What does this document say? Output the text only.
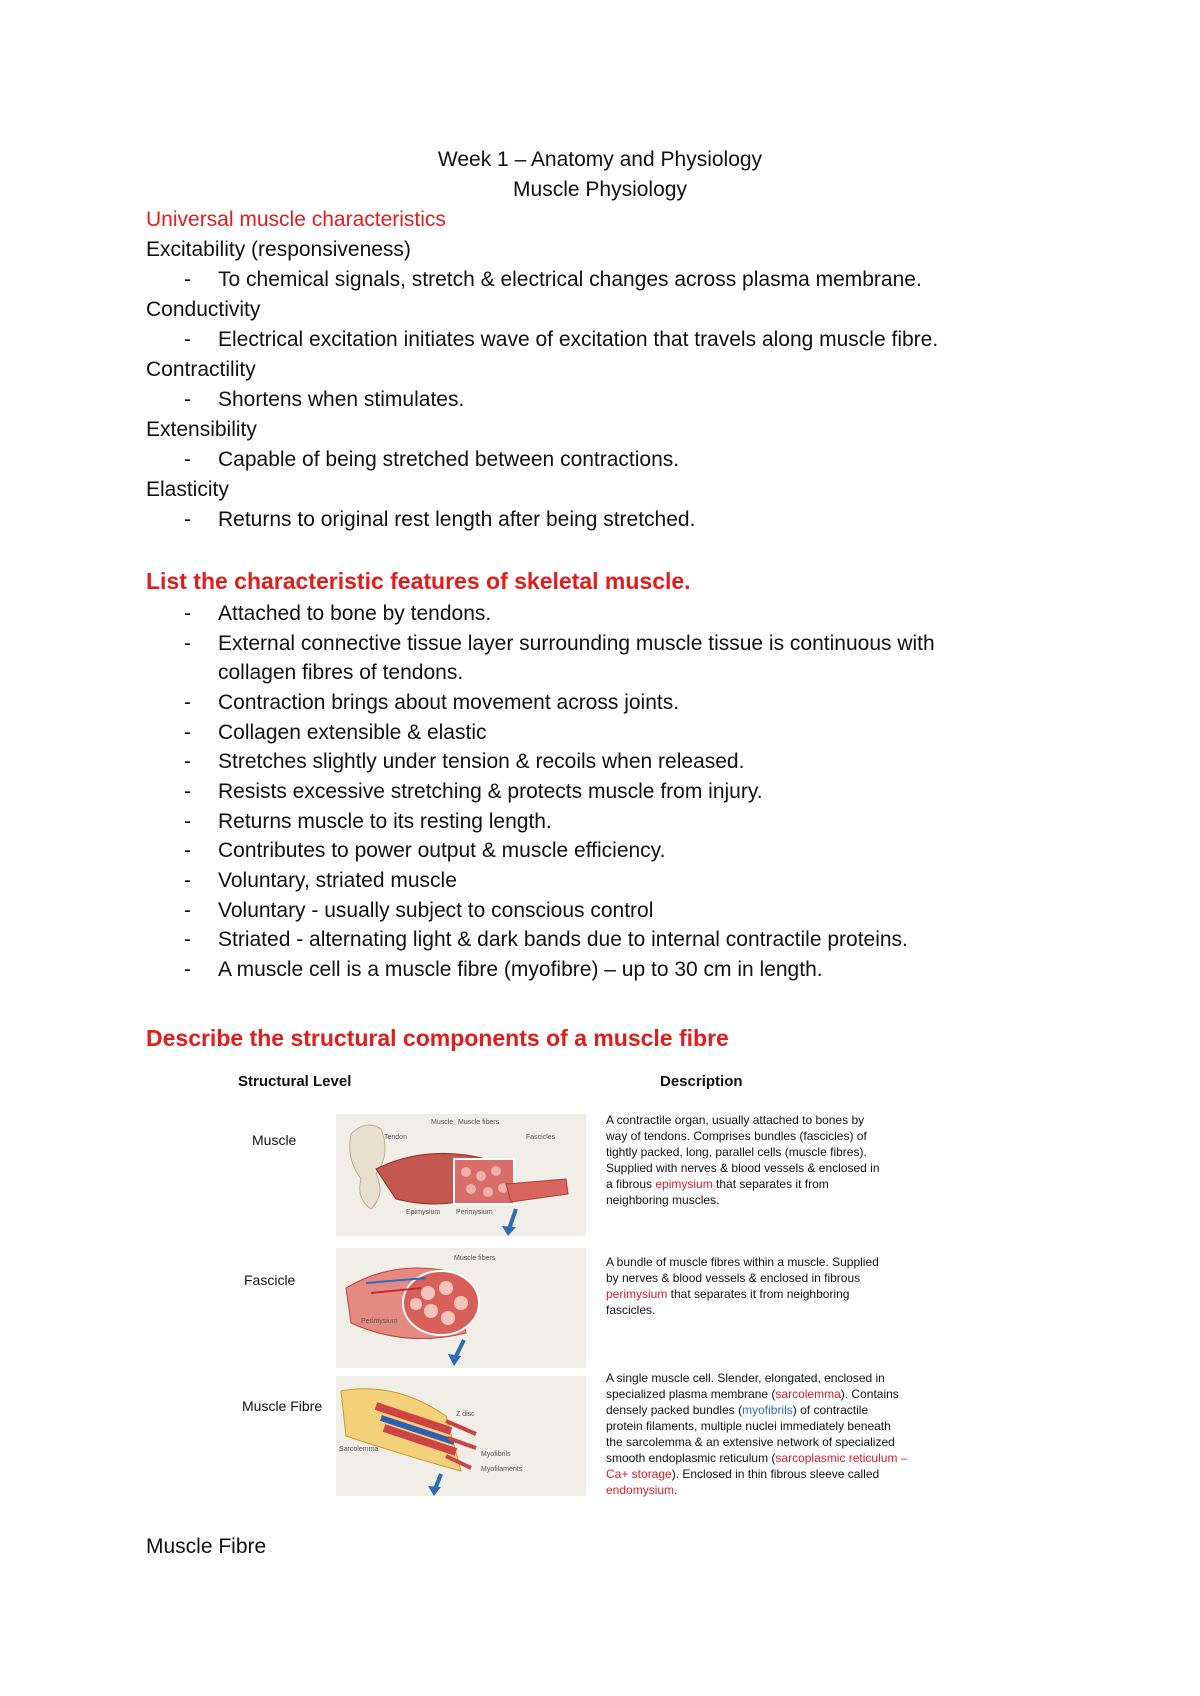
Week 1 – Anatomy and Physiology
Muscle Physiology
Universal muscle characteristics
Excitability (responsiveness)
- To chemical signals, stretch & electrical changes across plasma membrane.
Conductivity
- Electrical excitation initiates wave of excitation that travels along muscle fibre.
Contractility
- Shortens when stimulates.
Extensibility
- Capable of being stretched between contractions.
Elasticity
- Returns to original rest length after being stretched.
List the characteristic features of skeletal muscle.
- Attached to bone by tendons.
- External connective tissue layer surrounding muscle tissue is continuous with
collagen fibres of tendons.
- Contraction brings about movement across joints.
- Collagen extensible & elastic
- Stretches slightly under tension & recoils when released.
- Resists excessive stretching & protects muscle from injury.
- Returns muscle to its resting length.
- Contributes to power output & muscle efficiency.
- Voluntary, striated muscle
- Voluntary - usually subject to conscious control
- Striated - alternating light & dark bands due to internal contractile proteins.
- A muscle cell is a muscle fibre (myofibre) – up to 30 cm in length.
Describe the structural components of a muscle fibre
Structural Level	Description
Muscle
Muscle Muscle fibers
Tendon	Fascicles
Epimysium Perimysium
A contractile organ, usually attached to bones by
way of tendons. Comprises bundles (fascicles) of
tightly packed, long, parallel cells (muscle fibres).
Supplied with nerves & blood vessels & enclosed in
a fibrous epimysium that separates it from
neighboring muscles.
Fascicle
Muscle fibers
Perimysium
A bundle of muscle fibres within a muscle. Supplied
by nerves & blood vessels & enclosed in fibrous
perimysium that separates it from neighboring
fascicles.
Muscle Fibre
Z disc
Sarcolemma
Myofibrils
Myofilaments
A single muscle cell. Slender, elongated, enclosed in
specialized plasma membrane (sarcolemma). Contains
densely packed bundles (myofibrils) of contractile
protein filaments, multiple nuclei immediately beneath
the sarcolemma & an extensive network of specialized
smooth endoplasmic reticulum (sarcoplasmic reticulum –
Ca+ storage). Enclosed in thin fibrous sleeve called
endomysium.
Muscle Fibre
